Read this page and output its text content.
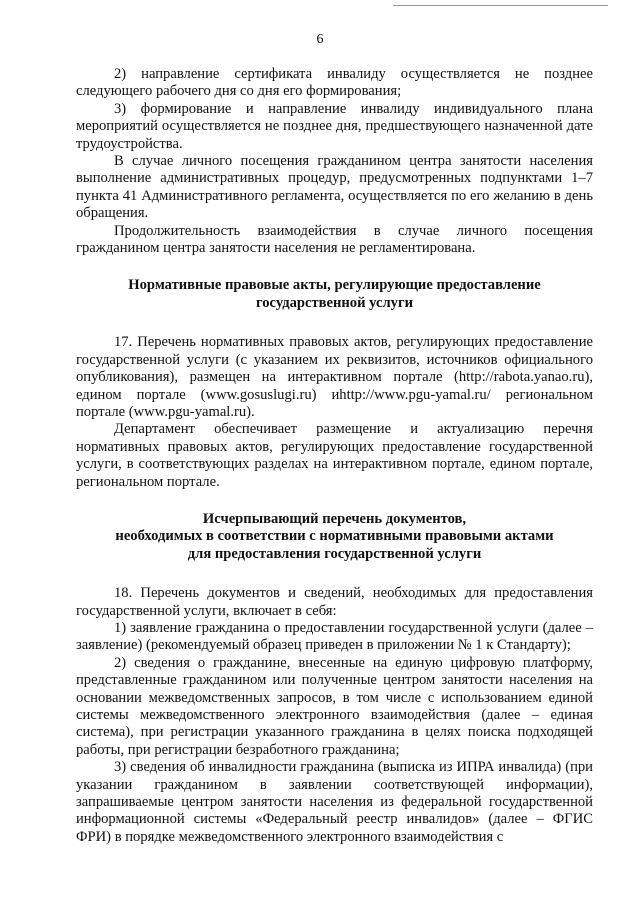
6

2) направление сертификата инвалиду осуществляется не позднее следующего рабочего дня со дня его формирования;

3) формирование и направление инвалиду индивидуального плана мероприятий осуществляется не позднее дня, предшествующего назначенной дате трудоустройства.

В случае личного посещения гражданином центра занятости населения выполнение административных процедур, предусмотренных подпунктами 1–7 пункта 41 Административного регламента, осуществляется по его желанию в день обращения.

Продолжительность взаимодействия в случае личного посещения гражданином центра занятости населения не регламентирована.

Нормативные правовые акты, регулирующие предоставление
государственной услуги

17. Перечень нормативных правовых актов, регулирующих предоставление государственной услуги (с указанием их реквизитов, источников официального опубликования), размещен на интерактивном портале (http://rabota.yanao.ru), едином портале (www.gosuslugi.ru) иhttp://www.pgu-yamal.ru/ региональном портале (www.pgu-yamal.ru).

Департамент обеспечивает размещение и актуализацию перечня нормативных правовых актов, регулирующих предоставление государственной услуги, в соответствующих разделах на интерактивном портале, едином портале, региональном портале.

Исчерпывающий перечень документов,
необходимых в соответствии с нормативными правовыми актами
для предоставления государственной услуги

18. Перечень документов и сведений, необходимых для предоставления государственной услуги, включает в себя:

1) заявление гражданина о предоставлении государственной услуги (далее – заявление) (рекомендуемый образец приведен в приложении № 1 к Стандарту);

2) сведения о гражданине, внесенные на единую цифровую платформу, представленные гражданином или полученные центром занятости населения на основании межведомственных запросов, в том числе с использованием единой системы межведомственного электронного взаимодействия (далее – единая система), при регистрации указанного гражданина в целях поиска подходящей работы, при регистрации безработного гражданина;

3) сведения об инвалидности гражданина (выписка из ИПРА инвалида) (при указании гражданином в заявлении соответствующей информации), запрашиваемые центром занятости населения из федеральной государственной информационной системы «Федеральный реестр инвалидов» (далее – ФГИС ФРИ) в порядке межведомственного электронного взаимодействия с
